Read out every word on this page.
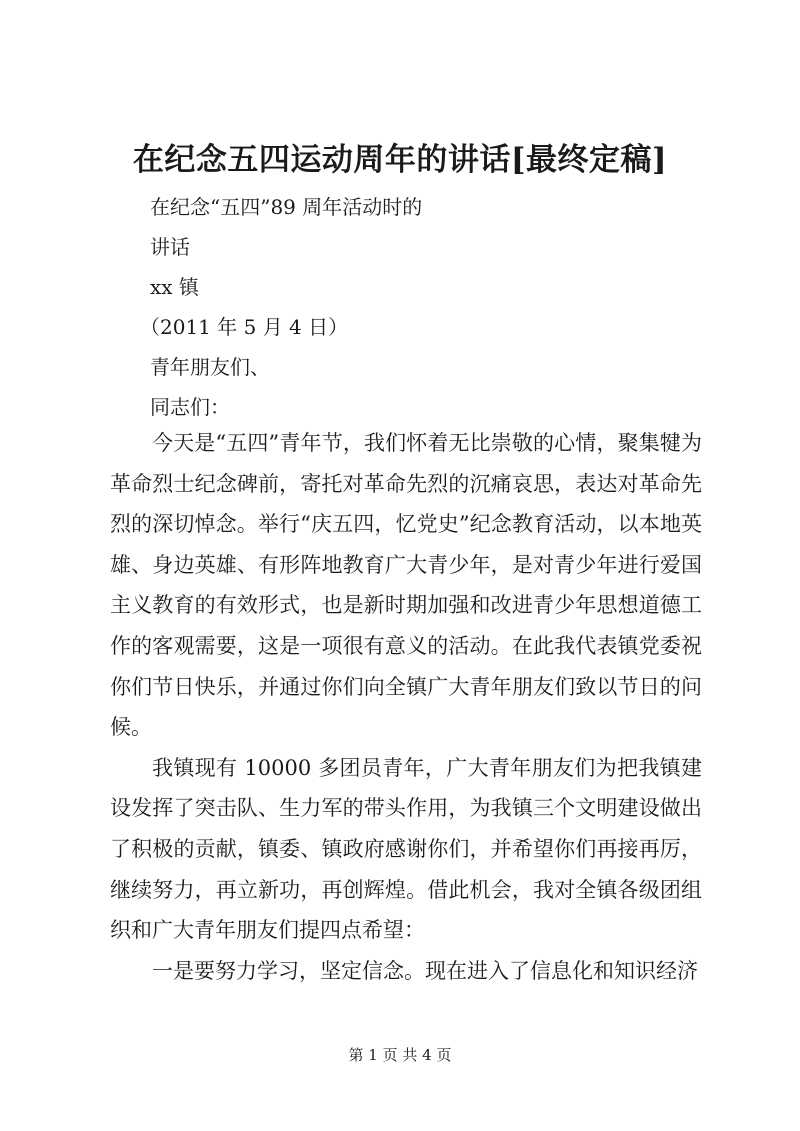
在纪念五四运动周年的讲话[最终定稿]
在纪念“五四”89 周年活动时的
讲话
xx 镇
（2011 年 5 月 4 日）
青年朋友们、
同志们：

今天是“五四”青年节，我们怀着无比崇敬的心情，聚集犍为革命烈士纪念碑前，寄托对革命先烈的沉痛哀思，表达对革命先烈的深切悼念。举行“庆五四，忆党史”纪念教育活动，以本地英雄、身边英雄、有形阵地教育广大青少年，是对青少年进行爱国主义教育的有效形式，也是新时期加强和改进青少年思想道德工作的客观需要，这是一项很有意义的活动。在此我代表镇党委祝你们节日快乐，并通过你们向全镇广大青年朋友们致以节日的问候。

我镇现有 10000 多团员青年，广大青年朋友们为把我镇建设发挥了突击队、生力军的带头作用，为我镇三个文明建设做出了积极的贡献，镇委、镇政府感谢你们，并希望你们再接再厉，继续努力，再立新功，再创辉煌。借此机会，我对全镇各级团组织和广大青年朋友们提四点希望：

一是要努力学习，坚定信念。现在进入了信息化和知识经济

第 1 页 共 4 页
